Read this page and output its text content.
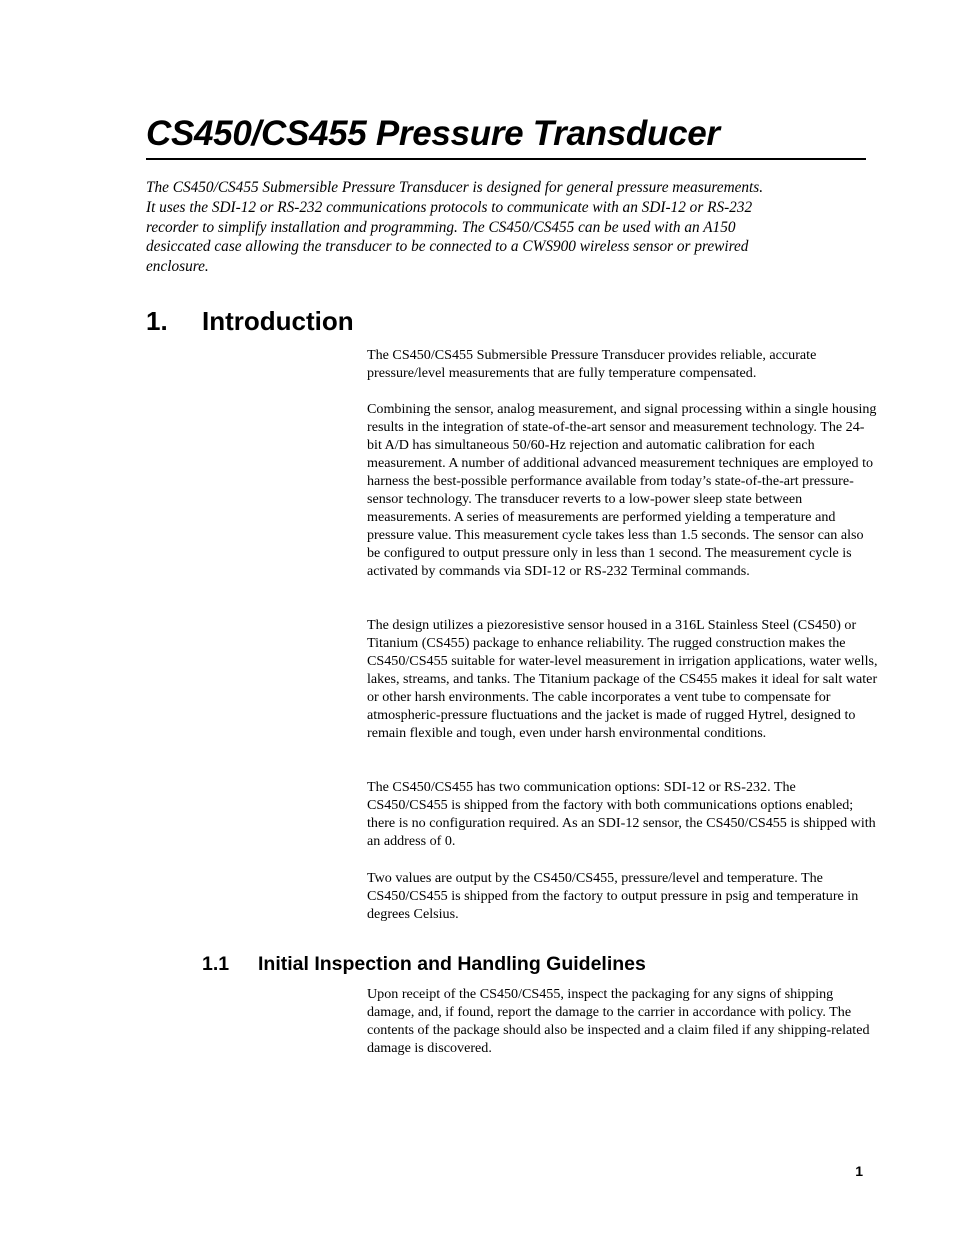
CS450/CS455 Pressure Transducer

The CS450/CS455 Submersible Pressure Transducer is designed for general pressure measurements. It uses the SDI-12 or RS-232 communications protocols to communicate with an SDI-12 or RS-232 recorder to simplify installation and programming. The CS450/CS455 can be used with an A150 desiccated case allowing the transducer to be connected to a CWS900 wireless sensor or prewired enclosure.

1. Introduction

The CS450/CS455 Submersible Pressure Transducer provides reliable, accurate pressure/level measurements that are fully temperature compensated.

Combining the sensor, analog measurement, and signal processing within a single housing results in the integration of state-of-the-art sensor and measurement technology. The 24-bit A/D has simultaneous 50/60-Hz rejection and automatic calibration for each measurement. A number of additional advanced measurement techniques are employed to harness the best-possible performance available from today’s state-of-the-art pressure-sensor technology. The transducer reverts to a low-power sleep state between measurements. A series of measurements are performed yielding a temperature and pressure value. This measurement cycle takes less than 1.5 seconds. The sensor can also be configured to output pressure only in less than 1 second. The measurement cycle is activated by commands via SDI-12 or RS-232 Terminal commands.

The design utilizes a piezoresistive sensor housed in a 316L Stainless Steel (CS450) or Titanium (CS455) package to enhance reliability. The rugged construction makes the CS450/CS455 suitable for water-level measurement in irrigation applications, water wells, lakes, streams, and tanks. The Titanium package of the CS455 makes it ideal for salt water or other harsh environments. The cable incorporates a vent tube to compensate for atmospheric-pressure fluctuations and the jacket is made of rugged Hytrel, designed to remain flexible and tough, even under harsh environmental conditions.

The CS450/CS455 has two communication options: SDI-12 or RS-232. The CS450/CS455 is shipped from the factory with both communications options enabled; there is no configuration required. As an SDI-12 sensor, the CS450/CS455 is shipped with an address of 0.

Two values are output by the CS450/CS455, pressure/level and temperature. The CS450/CS455 is shipped from the factory to output pressure in psig and temperature in degrees Celsius.

1.1 Initial Inspection and Handling Guidelines

Upon receipt of the CS450/CS455, inspect the packaging for any signs of shipping damage, and, if found, report the damage to the carrier in accordance with policy. The contents of the package should also be inspected and a claim filed if any shipping-related damage is discovered.

1
